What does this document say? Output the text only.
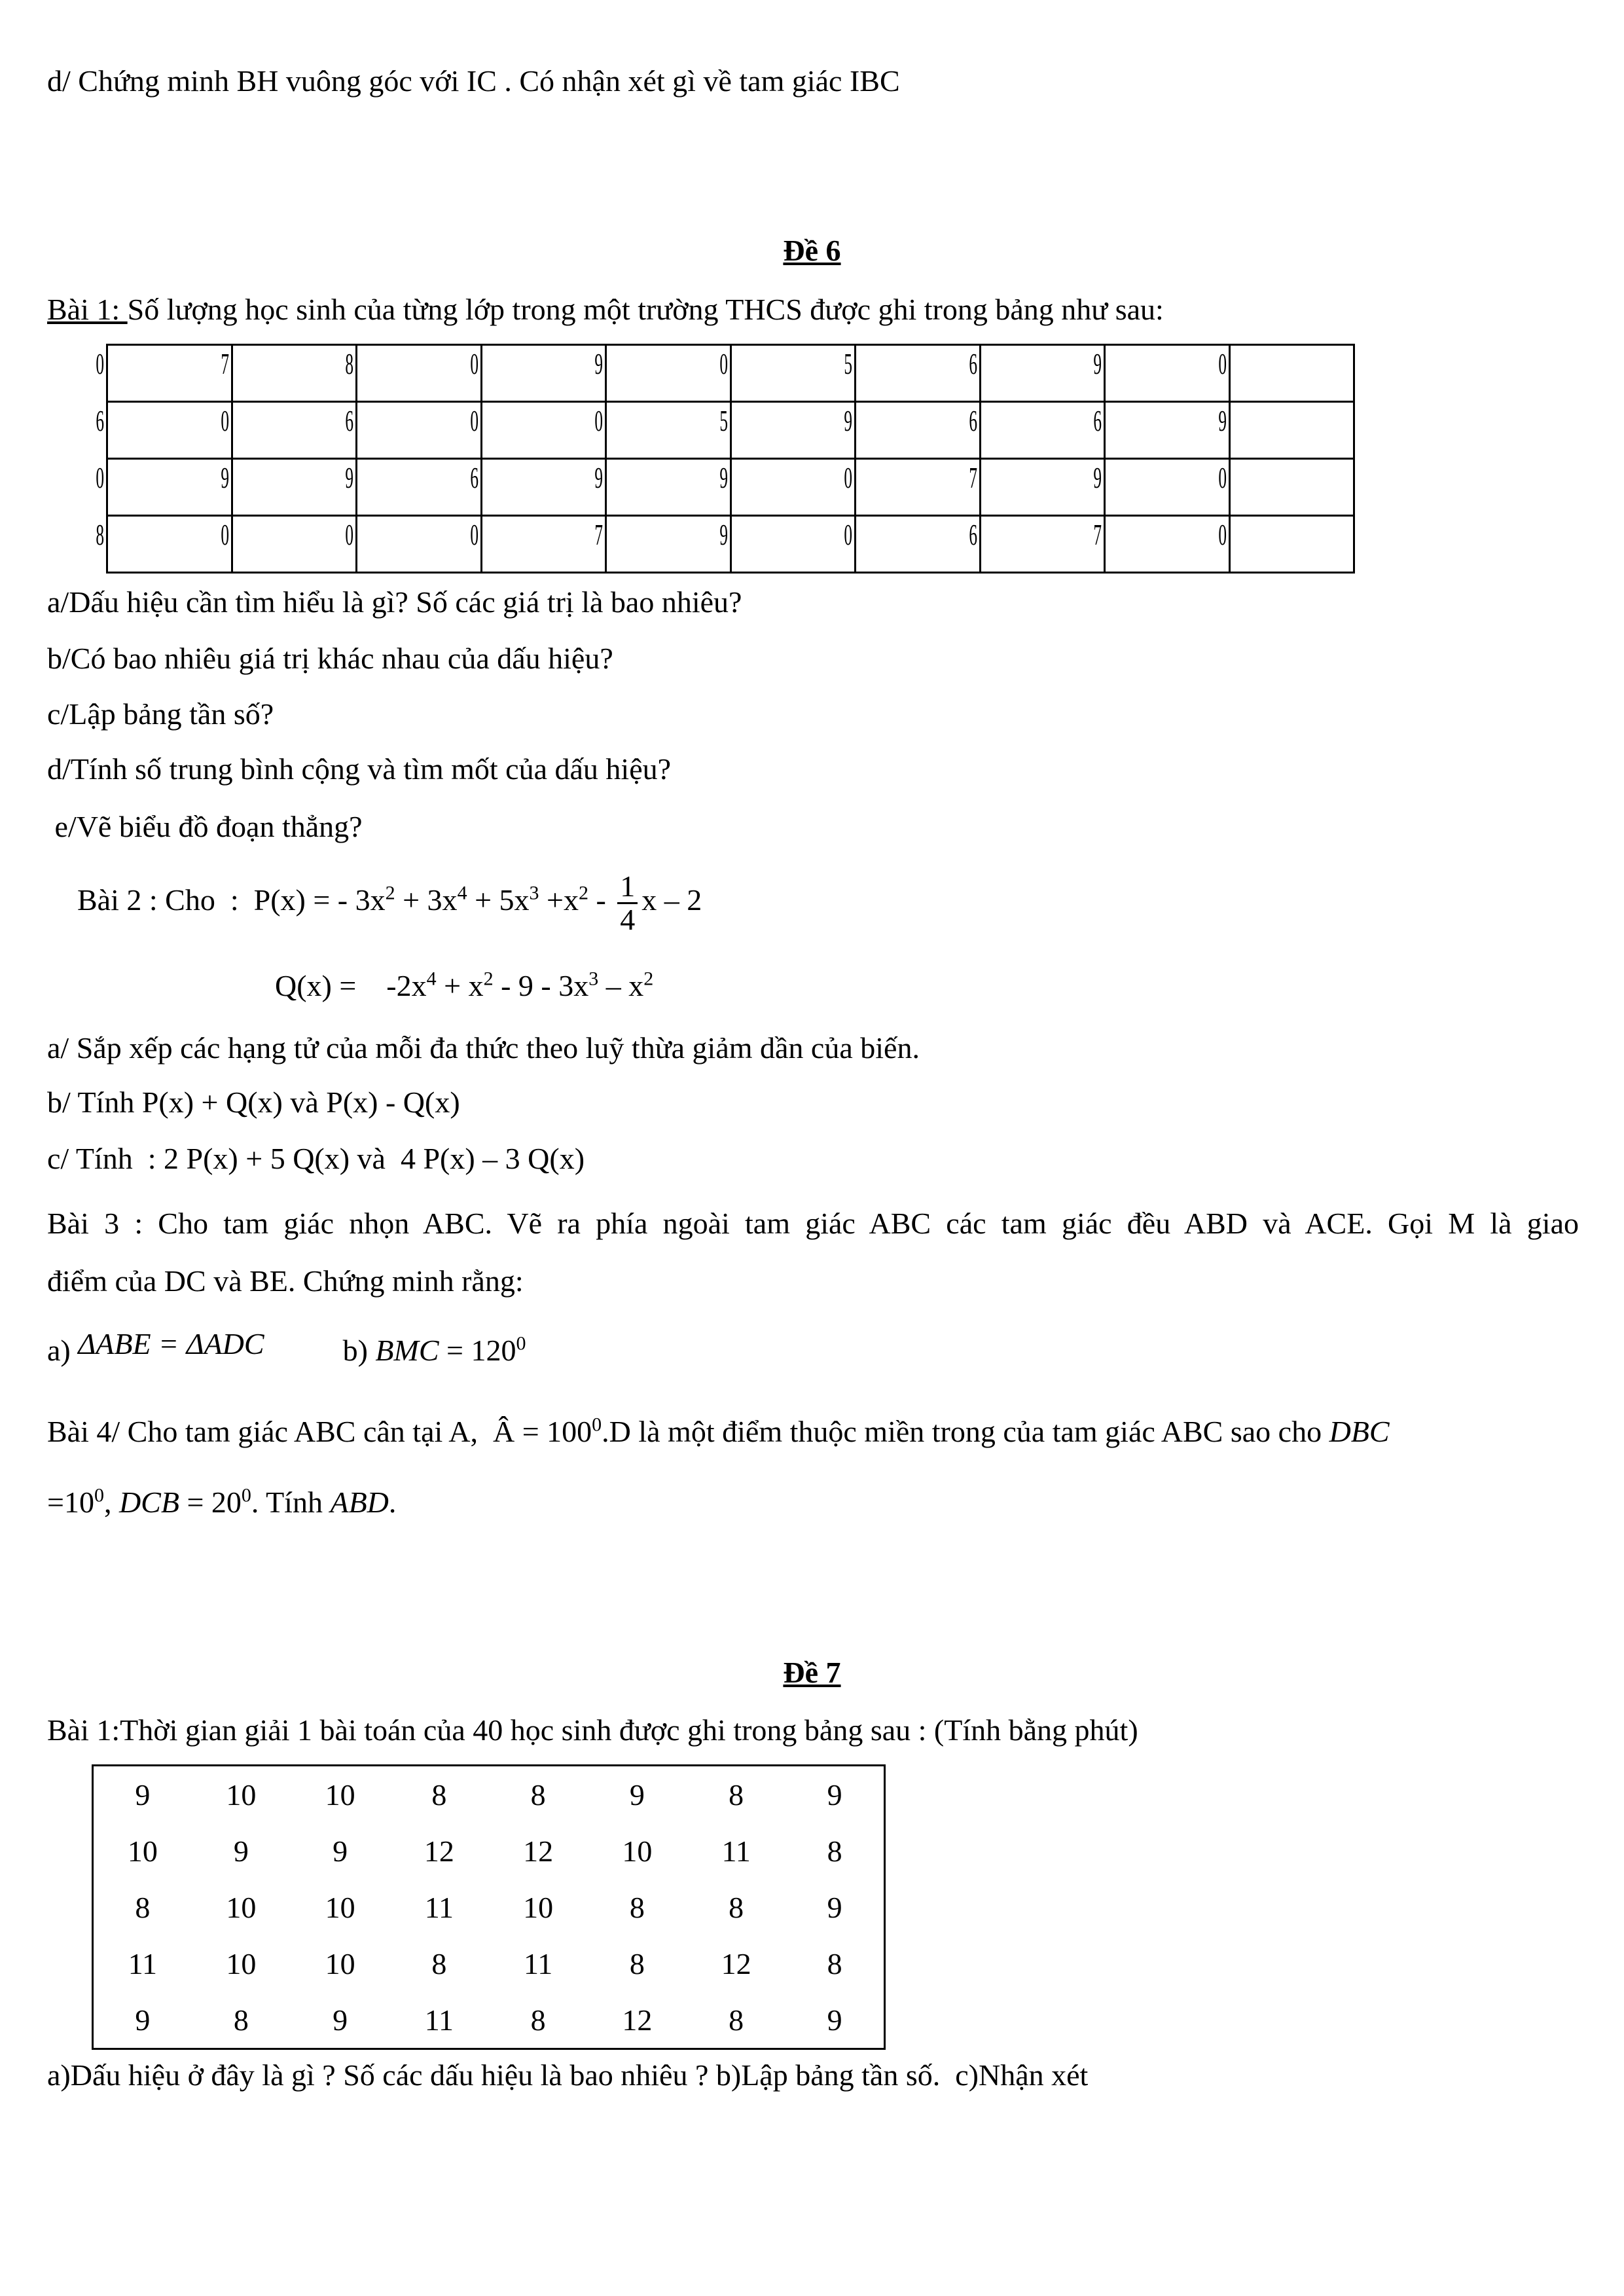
d/ Chứng minh BH vuông góc với IC . Có nhận xét gì về tam giác IBC
Đề 6
Bài 1: Số lượng học sinh của từng lớp trong một trường THCS được ghi trong bảng như sau:
0	7	8	0	9	0	5	6	9	0
6	0	6	0	0	5	9	6	6	9
0	9	9	6	9	9	0	7	9	0
8	0	0	0	7	9	0	6	7	0
a/Dấu hiệu cần tìm hiểu là gì? Số các giá trị là bao nhiêu?
b/Có bao nhiêu giá trị khác nhau của dấu hiệu?
c/Lập bảng tần số?
d/Tính số trung bình cộng và tìm mốt của dấu hiệu?
e/Vẽ biểu đồ đoạn thẳng?
Bài 2 : Cho  :  P(x) = - $3x^2 + 3x^4 + 5x^3 +x^2 - \frac{1}{4}$ x – 2
Q(x) =    $-2x^4 + x^2 - 9 - 3x^3 - x^2$
a/ Sắp xếp các hạng tử của mỗi đa thức theo luỹ thừa giảm dần của biến.
b/ Tính P(x) + Q(x) và P(x) - Q(x)
c/ Tính  : 2 P(x) + 5 Q(x) và  4 P(x) – 3 Q(x)
Bài 3 : Cho tam giác nhọn ABC. Vẽ ra phía ngoài tam giác ABC các tam giác đều ABD và ACE. Gọi M là giao
điểm của DC và BE. Chứng minh rằng:
a) ΔABE = ΔADC	b) BMC = $120^0$
Bài 4/ Cho tam giác ABC cân tại A,  Â = $100^0.D$ là một điểm thuộc miền trong của tam giác ABC sao cho DBC
$=10^0$, DCB = $20^0$. Tính ABD.
Đề 7
Bài 1:Thời gian giải 1 bài toán của 40 học sinh được ghi trong bảng sau : (Tính bằng phút)
9	10	10	8	8	9	8	9
10	9	9	12	12	10	11	8
8	10	10	11	10	8	8	9
11	10	10	8	11	8	12	8
9	8	9	11	8	12	8	9
a)Dấu hiệu ở đây là gì ? Số các dấu hiệu là bao nhiêu ? b)Lập bảng tần số.  c)Nhận xét
